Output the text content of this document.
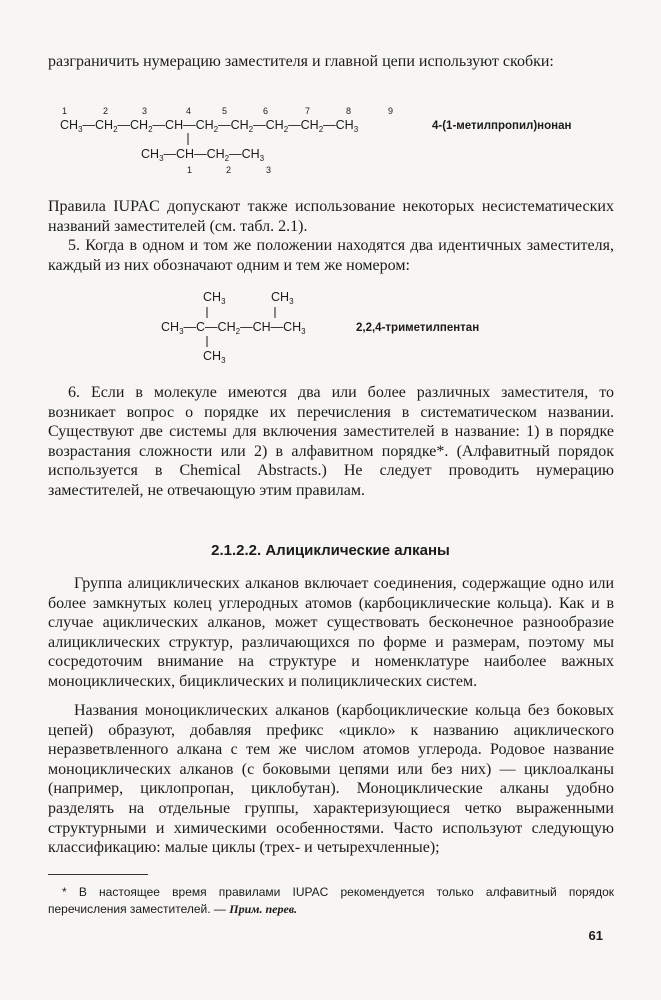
разграничить нумерацию заместителя и главной цепи используют скобки:

1	2	3	4	5	6	7	8	9
$CH_3—CH_2—CH_2—CH—CH_2—CH_2—CH_2—CH_2—CH_3$
$CH_3—CH—CH_2—CH_3$
1	2	3
4-(1-метилпропил)нонан

Правила IUPAC допускают также использование некоторых несистематических названий заместителей (см. табл. 2.1).

5. Когда в одном и том же положении находятся два идентичных заместителя, каждый из них обозначают одним и тем же номером:

$CH_3$	$CH_3$
$CH_3—C—CH_2—CH—CH_3$
$CH_3$
2,2,4-триметилпентан

6. Если в молекуле имеются два или более различных заместителя, то возникает вопрос о порядке их перечисления в систематическом названии. Существуют две системы для включения заместителей в название: 1) в порядке возрастания сложности или 2) в алфавитном порядке*. (Алфавитный порядок используется в Chemical Abstracts.) Не следует проводить нумерацию заместителей, не отвечающую этим правилам.

2.1.2.2. Алициклические алканы

Группа алициклических алканов включает соединения, содержащие одно или более замкнутых колец углеродных атомов (карбоциклические кольца). Как и в случае ациклических алканов, может существовать бесконечное разнообразие алициклических структур, различающихся по форме и размерам, поэтому мы сосредоточим внимание на структуре и номенклатуре наиболее важных моноциклических, бициклических и полициклических систем.

Названия моноциклических алканов (карбоциклические кольца без боковых цепей) образуют, добавляя префикс «цикло» к названию ациклического неразветвленного алкана с тем же числом атомов углерода. Родовое название моноциклических алканов (с боковыми цепями или без них) — циклоалканы (например, циклопропан, циклобутан). Моноциклические алканы удобно разделять на отдельные группы, характеризующиеся четко выраженными структурными и химическими особенностями. Часто используют следующую классификацию: малые циклы (трех- и четырехчленные);

* В настоящее время правилами IUPAC рекомендуется только алфавитный порядок перечисления заместителей. — Прим. перев.

61
